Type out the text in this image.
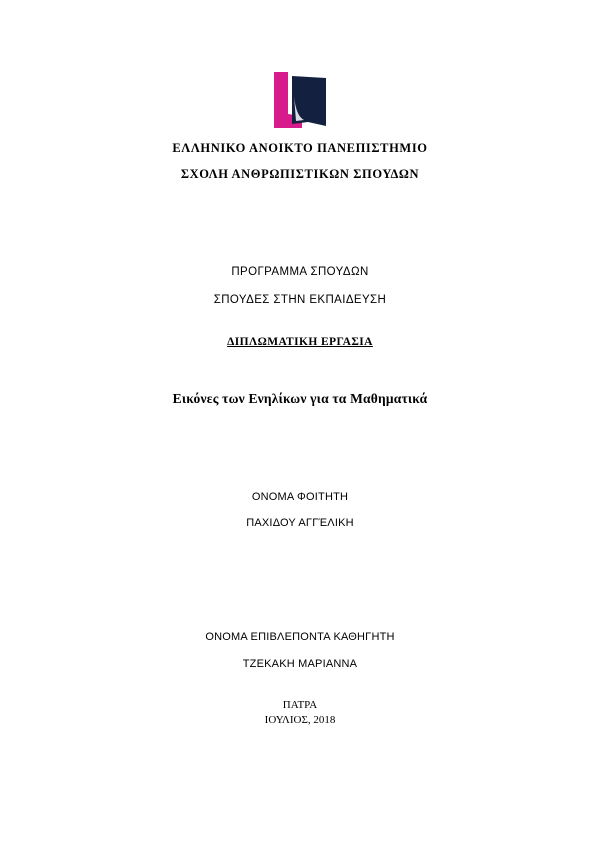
ΕΛΛΗΝΙΚΟ ΑΝΟΙΚΤΟ ΠΑΝΕΠΙΣΤΗΜΙΟ
ΣΧΟΛΗ ΑΝΘΡΩΠΙΣΤΙΚΩΝ ΣΠΟΥΔΩΝ
ΠΡΟΓΡΑΜΜΑ ΣΠΟΥΔΩΝ
ΣΠΟΥΔΕΣ ΣΤΗΝ ΕΚΠΑΙΔΕΥΣΗ
ΔΙΠΛΩΜΑΤΙΚΗ ΕΡΓΑΣΙΑ
Εικόνες των Ενηλίκων για τα Μαθηματικά
ΟΝΟΜΑ ΦΟΙΤΗΤΗ
ΠΑΧΙΔΟΥ ΑΓΓΈΛΙΚΗ
ΟΝΟΜΑ ΕΠΙΒΛΕΠΟΝΤΑ ΚΑΘΗΓΗΤΗ
ΤΖΕΚΑΚΗ ΜΑΡΙΑΝΝΑ
ΠΑΤΡΑ
ΙΟΥΛΙΟΣ, 2018
